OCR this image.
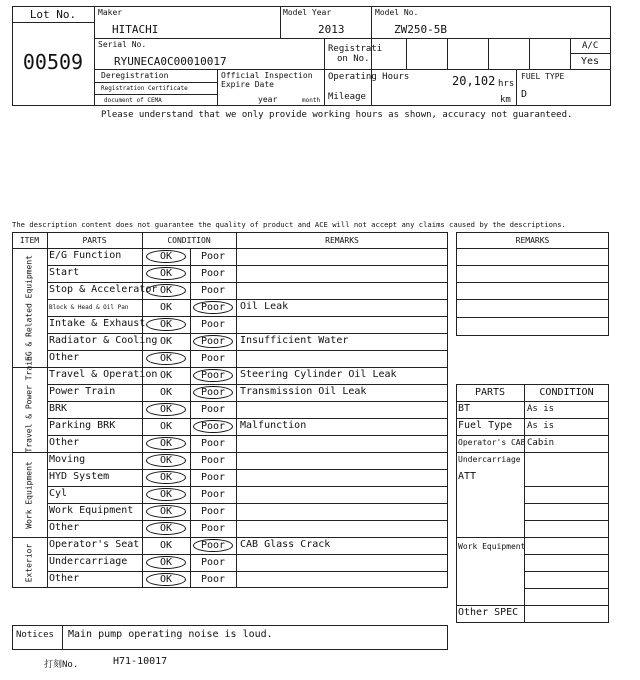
Lot No.
00509
Maker
HITACHI
Model Year
2013
Model No.
ZW250-5B
Serial No.
RYUNECA0C00010017
Registrati
on No.
A/C
Yes
Deregistration
Registration Certificate
document of CEMA
Official Inspection
Expire Date
year	month
Operating Hours	20,102 hrs
Mileage	km
FUEL TYPE
D
Please understand that we only provide working hours as shown, accuracy not guaranteed.
The description content does not guarantee the quality of product and ACE will not accept any claims caused by the descriptions.
ITEM	PARTS	CONDITION	REMARKS
EG & Related Equipment E/G Function	OK	Poor
Start	OK	Poor
Stop & Accelerator OK	Poor
Block & Head & Oil Pan	OK	Poor	Oil Leak
Intake & Exhaust	OK	Poor
Radiator & Cooling OK	Poor	Insufficient Water
Other	OK	Poor
Travel & Power Train Travel & Operation OK	Poor	Steering Cylinder Oil Leak
Power Train	OK	Poor	Transmission Oil Leak
BRK	OK	Poor
Parking BRK	OK	Poor	Malfunction
Other	OK	Poor
Work Equipment
Moving	OK	Poor
HYD System	OK	Poor
Cyl	OK	Poor
Work Equipment	OK	Poor
Other	OK	Poor
Exterior Operator's Seat	OK	Poor	CAB Glass Crack
Undercarriage	OK	Poor
Other	OK	Poor
REMARKS
PARTS	CONDITION
BT	As is
Fuel Type As is
Operator's CAB Cabin
Undercarriage
ATT
Work Equipment
Other SPEC
Notices Main pump operating noise is loud.
打刻No.	H71-10017
